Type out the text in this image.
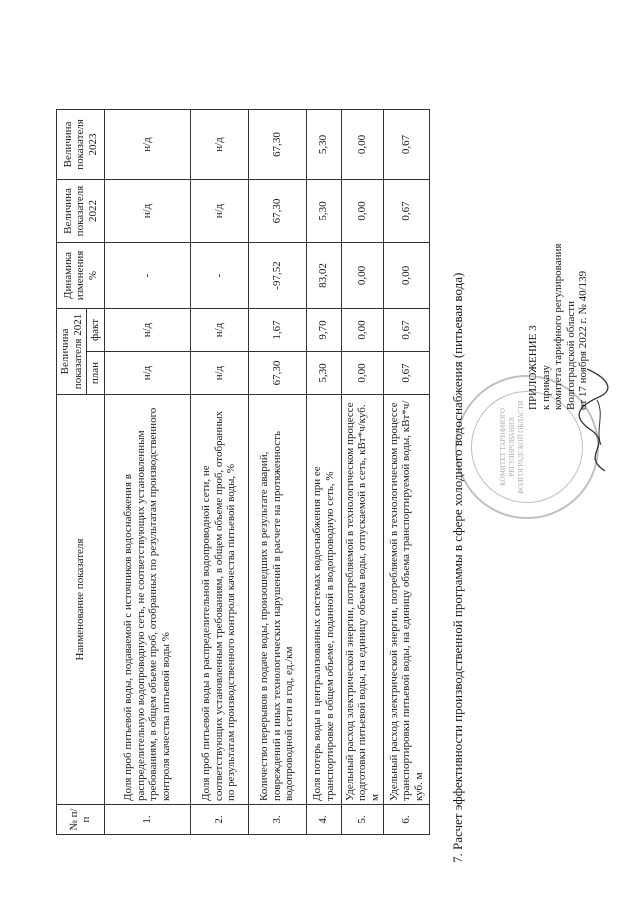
КОМИТЕТ ТАРИФНОГО РЕГУЛИРОВАНИЯ ВОЛГОГРАДСКОЙ ОБЛАСТИ
ПРИЛОЖЕНИЕ 3 к приказу комитета тарифного регулирования Волгоградской области от 17 ноября 2022 г. № 40/139
7. Расчет эффективности производственной программы в сфере холодного водоснабжения (питьевая вода)
№ п/п	Наименование показателя	Величина показателя 2021		Динамика изменения %	Величина показателя 2022	Величина показателя 2023
		план	факт			
1.	Доля проб питьевой воды, подаваемой с источников водоснабжения в распределительную водопроводную сеть, не соответствующих установленным требованиям, в общем объеме проб, отобранных по результатам производственного контроля качества питьевой воды %	н/д	н/д	-	н/д	н/д
2.	Доля проб питьевой воды в распределительной водопроводной сети, не соответствующих установленным требованиям, в общем объеме проб, отобранных по результатам производственного контроля качества питьевой воды, %	н/д	н/д	-	н/д	н/д
3.	Количество перерывов в подаче воды, произошедших в результате аварий, повреждений и иных технологических нарушений в расчете на протяженность водопроводной сети в год, ед./км	67,30	1,67	-97,52	67,30	67,30
4.	Доля потерь воды в централизованных системах водоснабжения при ее транспортировке в общем объеме, поданной в водопроводную сеть, %	5,30	9,70	83,02	5,30	5,30
5.	Удельный расход электрической энергии, потребляемой в технологическом процессе подготовки питьевой воды, на единицу объема воды, отпускаемой в сеть, кВт*ч/куб. м	0,00	0,00	0,00	0,00	0,00
6.	Удельный расход электрической энергии, потребляемой в технологическом процессе транспортировки питьевой воды, на единицу объема транспортируемой воды, кВт*ч/куб. м	0,67	0,67	0,00	0,67	0,67
